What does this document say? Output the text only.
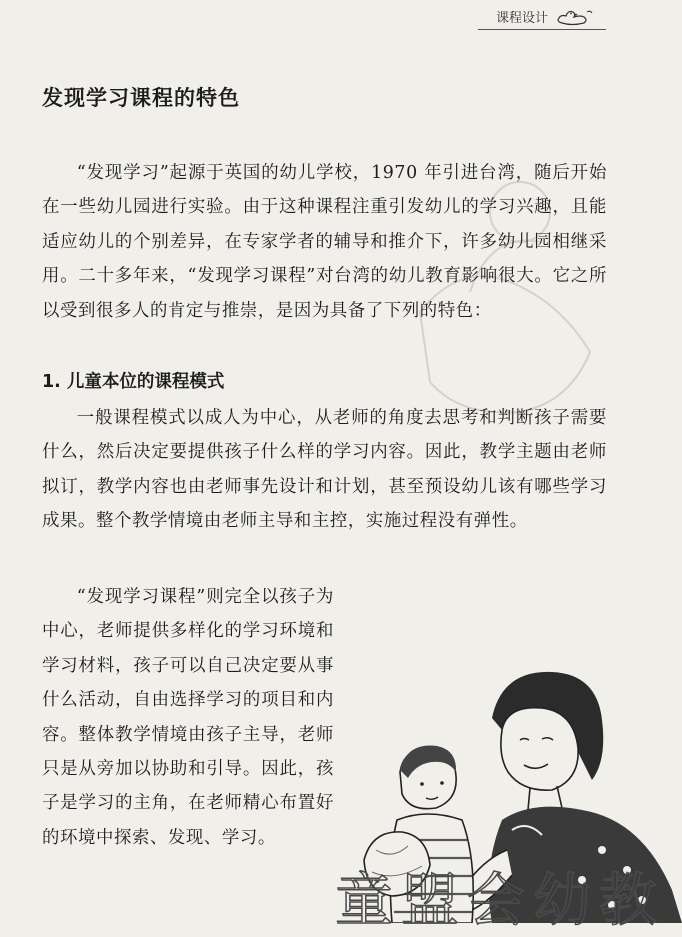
课程设计
发现学习课程的特色

“发现学习”起源于英国的幼儿学校，1970 年引进台湾，随后开始在一些幼儿园进行实验。由于这种课程注重引发幼儿的学习兴趣，且能适应幼儿的个别差异，在专家学者的辅导和推介下，许多幼儿园相继采用。二十多年来，“发现学习课程”对台湾的幼儿教育影响很大。它之所以受到很多人的肯定与推崇，是因为具备了下列的特色：

1. 儿童本位的课程模式

一般课程模式以成人为中心，从老师的角度去思考和判断孩子需要什么，然后决定要提供孩子什么样的学习内容。因此，教学主题由老师拟订，教学内容也由老师事先设计和计划，甚至预设幼儿该有哪些学习成果。整个教学情境由老师主导和主控，实施过程没有弹性。

“发现学习课程”则完全以孩子为中心，老师提供多样化的学习环境和学习材料，孩子可以自己决定要从事什么活动，自由选择学习的项目和内容。整体教学情境由孩子主导，老师只是从旁加以协助和引导。因此，孩子是学习的主角，在老师精心布置好的环境中探索、发现、学习。

童盟会幼教
